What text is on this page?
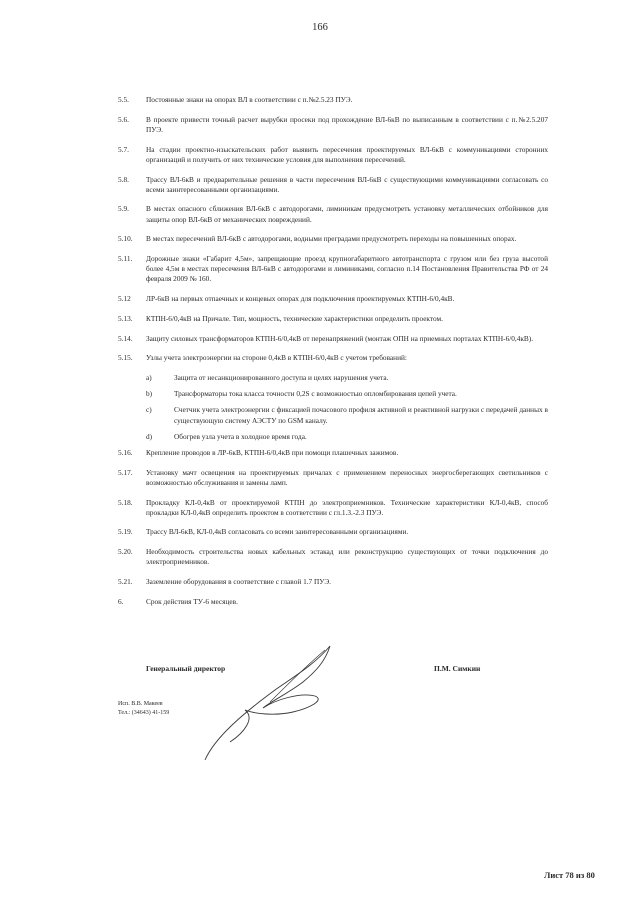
166
5.5.	Постоянные знаки на опорах ВЛ в соответствии с п.№2.5.23 ПУЭ.
5.6.	В проекте привести точный расчет вырубки просеки под прохождение ВЛ-6кВ по выписанным в соответствии с п.№2.5.207 ПУЭ.
5.7.	На стадии проектно-изыскательских работ выявить пересечения проектируемых ВЛ-6кВ с коммуникациями сторонних организаций и получить от них технические условия для выполнения пересечений.
5.8.	Трассу ВЛ-6кВ и предварительные решения в части пересечения ВЛ-6кВ с существующими коммуникациями согласовать со всеми заинтересованными организациями.
5.9.	В местах опасного сближения ВЛ-6кВ с автодорогами, лиминикам предусмотреть установку металлических отбойников для защиты опор ВЛ-6кВ от механических повреждений.
5.10.	В местах пересечений ВЛ-6кВ с автодорогами, водными преградами предусмотреть переходы на повышенных опорах.
5.11.	Дорожные знаки «Габарит 4,5м», запрещающие проезд крупногабаритного автотранспорта с грузом или без груза высотой более 4,5м в местах пересечения ВЛ-6кВ с автодорогами и лиминиками, согласно п.14 Постановления Правительства РФ от 24 февраля 2009 № 160.
5.12	ЛР-6кВ на первых отпаечных и концевых опорах для подключения проектируемых КТПН-6/0,4кВ.
5.13.	КТПН-6/0,4кВ на Причале. Тип, мощность, технические характеристики определить проектом.
5.14.	Защиту силовых трансформаторов КТПН-6/0,4кВ от перенапряжений (монтаж ОПН на приемных порталах КТПН-6/0,4кВ).
5.15.	Узлы учета электроэнергии на стороне 0,4кВ в КТПН-6/0,4кВ с учетом требований:
a)	Защита от несанкционированного доступа и целях нарушения учета.
b)	Трансформаторы тока класса точности 0,2S с возможностью опломбирования цепей учета.
c)	Счетчик учета электроэнергии с фиксацией почасового профиля активной и реактивной нагрузки с передачей данных в существующую систему АЭСТУ по GSM каналу.
d)	Обогрев узла учета в холодное время года.
5.16.	Крепление проводов в ЛР-6кВ, КТПН-6/0,4кВ при помощи плашечных зажимов.
5.17.	Установку мачт освещения на проектируемых причалах с применением переносных энергосберегающих светильников с возможностью обслуживания и замены ламп.
5.18.	Прокладку КЛ-0,4кВ от проектируемой КТПН до электроприемников. Технические характеристики КЛ-0,4кВ, способ прокладки КЛ-0,4кВ определить проектом в соответствии с гл.1.3.-2.3 ПУЭ.
5.19.	Трассу ВЛ-6кВ, КЛ-0,4кВ согласовать со всеми заинтересованными организациями.
5.20.	Необходимость строительства новых кабельных эстакад или реконструкцию существующих от точки подключения до электроприемников.
5.21.	Заземление оборудования в соответствие с главой 1.7 ПУЭ.
6.	Срок действия ТУ-6 месяцев.
Генеральный директор	П.М. Симкин
Исп. В.В. Макеев
Тел.: (34643) 41-159
Лист 78 из 80
